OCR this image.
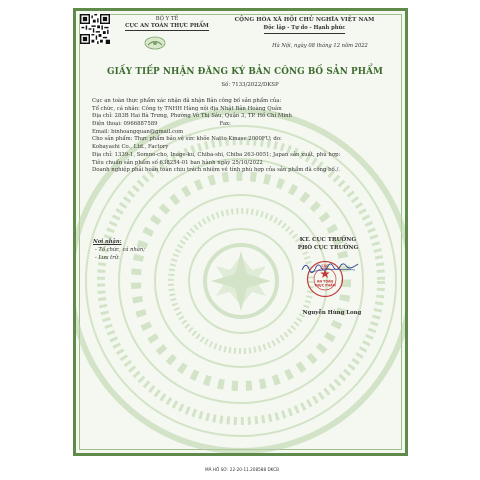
BỘ Y TẾ
CỤC AN TOÀN THỰC PHẨM
CỘNG HÒA XÃ HỘI CHỦ NGHĨA VIỆT NAM
Độc lập - Tự do - Hạnh phúc
Hà Nội, ngày 08 tháng 12 năm 2022
GIẤY TIẾP NHẬN ĐĂNG KÝ BẢN CÔNG BỐ SẢN PHẨM
Số: 7133/2022/DKSP
Cục an toàn thực phẩm xác nhận đã nhận Bản công bố sản phẩm của:
Tổ chức, cá nhân: Công ty TNHH Hàng nội địa Nhật Bản Hoàng Quân
Địa chỉ: 283B Hai Bà Trưng, Phường Võ Thị Sáu, Quận 3, TP. Hồ Chí Minh
Điện thoại: 0966887589	Fax:
Email: binhoangquan@gmail.com
Cho sản phẩm: Thực phẩm bảo vệ sức khỏe Natto Kinase 2000FU; do:
Kobayashi Co., Ltd., Factory
Địa chỉ: 1339-1, Somno-cho, Inage-ku, Chiba-shi, Chiba 263-0051; Japan sản xuất, phù hợp:
Tiêu chuẩn sản phẩm số 638254-01 ban hành ngày 25/10/2022
Doanh nghiệp phải hoàn toàn chịu trách nhiệm về tính phù hợp của sản phẩm đã công bố./.
Nơi nhận:
- Tổ chức, cá nhân;
- Lưu trữ.
KT. CỤC TRƯỞNG
PHÓ CỤC TRƯỞNG
CỤC
AN TOÀN
THỰC PHẨM
Nguyễn Hùng Long
MÃ HỒ SƠ: 22-20-11.208588 DKCB
